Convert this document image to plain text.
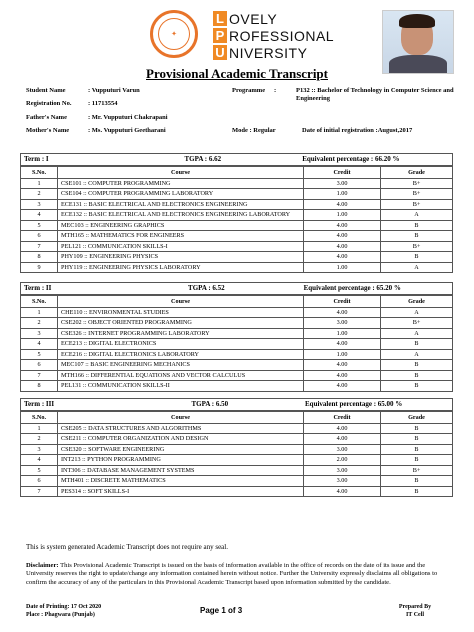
✦
L OVELY
P ROFESSIONAL
U NIVERSITY
Provisional Academic Transcript
Student Name	: Vupputuri Varun
Registration No.	: 11713554
Father's Name	: Mr. Vupputuri Chakrapani
Mother's Name	: Ms. Vupputuri Geetharani
Programme :	P132 :: Bachelor of Technology in Computer Science and Engineering
Mode : Regular	Date of initial registration :August,2017
Term : I	TGPA : 6.62	Equivalent percentage : 66.20 %
S.No.	Course	Credit	Grade
1	CSE101 :: COMPUTER PROGRAMMING	3.00	B+
2	CSE104 :: COMPUTER PROGRAMMING LABORATORY	1.00	B+
3	ECE131 :: BASIC ELECTRICAL AND ELECTRONICS ENGINEERING	4.00	B+
4	ECE132 :: BASIC ELECTRICAL AND ELECTRONICS ENGINEERING LABORATORY	1.00	A
5	MEC103 :: ENGINEERING GRAPHICS	4.00	B
6	MTH165 :: MATHEMATICS FOR ENGINEERS	4.00	B
7	PEL121 :: COMMUNICATION SKILLS-I	4.00	B+
8	PHY109 :: ENGINEERING PHYSICS	4.00	B
9	PHY119 :: ENGINEERING PHYSICS LABORATORY	1.00	A
Term : II	TGPA : 6.52	Equivalent percentage : 65.20 %
S.No.	Course	Credit	Grade
1	CHE110 :: ENVIRONMENTAL STUDIES	4.00	A
2	CSE202 :: OBJECT ORIENTED PROGRAMMING	3.00	B+
3	CSE326 :: INTERNET PROGRAMMING LABORATORY	1.00	A
4	ECE213 :: DIGITAL ELECTRONICS	4.00	B
5	ECE216 :: DIGITAL ELECTRONICS LABORATORY	1.00	A
6	MEC107 :: BASIC ENGINEERING MECHANICS	4.00	B
7	MTH166 :: DIFFERENTIAL EQUATIONS AND VECTOR CALCULUS	4.00	B
8	PEL131 :: COMMUNICATION SKILLS-II	4.00	B
Term : III	TGPA : 6.50	Equivalent percentage : 65.00 %
S.No.	Course	Credit	Grade
1	CSE205 :: DATA STRUCTURES AND ALGORITHMS	4.00	B
2	CSE211 :: COMPUTER ORGANIZATION AND DESIGN	4.00	B
3	CSE320 :: SOFTWARE ENGINEERING	3.00	B
4	INT213 :: PYTHON PROGRAMMING	2.00	B
5	INT306 :: DATABASE MANAGEMENT SYSTEMS	3.00	B+
6	MTH401 :: DISCRETE MATHEMATICS	3.00	B
7	PES314 :: SOFT SKILLS-I	4.00	B
This is system generated Academic Transcript does not require any seal.
Disclaimer: This Provisional Academic Transcript is issued on the basis of information available in the office of records on the date of its issue and the University reserves the right to update/change any information contained herein without notice. Further the University expressly disclaims all obligations to confirm the accuracy of any of the particulars in this Provisional Academic Transcript based upon information submitted by the candidate.
Date of Printing: 17 Oct 2020
Place : Phagwara (Punjab)	Page 1 of 3	Prepared By
IT Cell
